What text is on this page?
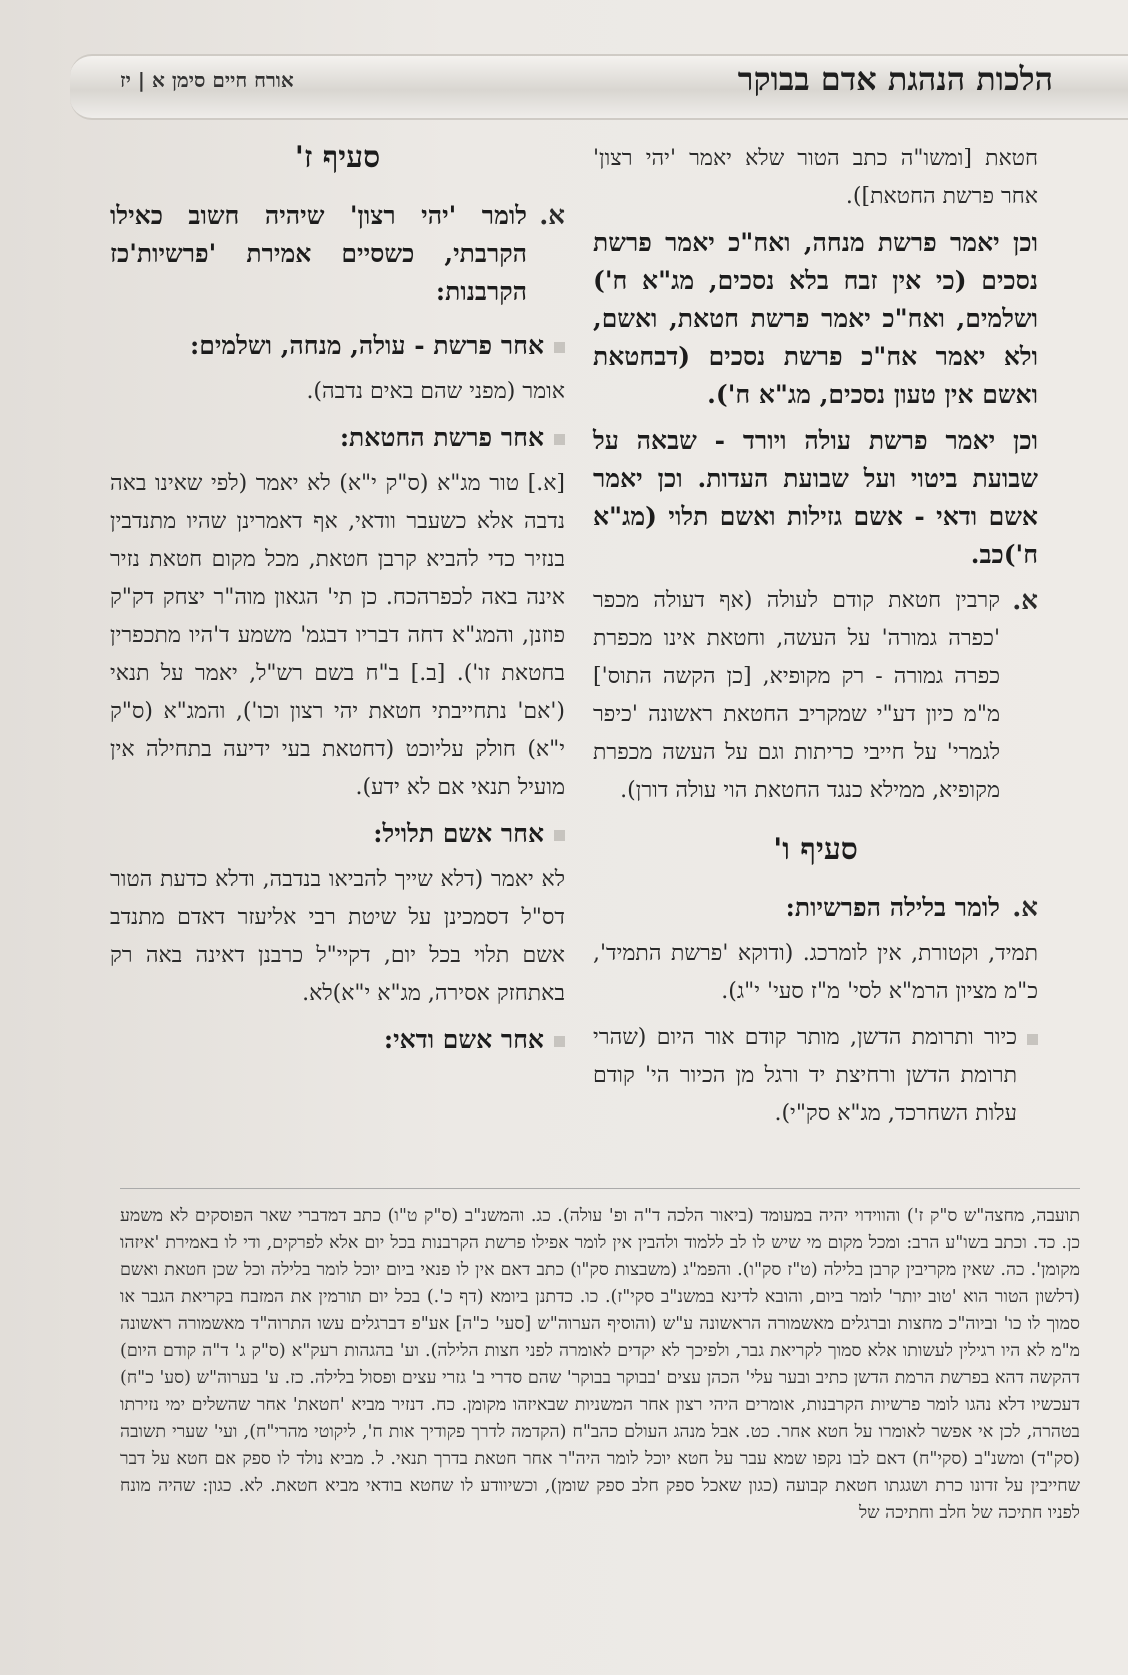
הלכות הנהגת אדם בבוקר
אורח חיים סימן א | יז

חטאת [ומשו"ה כתב הטור שלא יאמר 'יהי רצון' אחר פרשת החטאת]).

וכן יאמר פרשת מנחה, ואח"כ יאמר פרשת נסכים (כי אין זבח בלא נסכים, מג"א ח') ושלמים, ואח"כ יאמר פרשת חטאת, ואשם, ולא יאמר אח"כ פרשת נסכים (דבחטאת ואשם אין טעון נסכים, מג"א ח').

וכן יאמר פרשת עולה ויורד - שבאה על שבועת ביטוי ועל שבועת העדות. וכן יאמר אשם ודאי - אשם גזילות ואשם תלוי (מג"א ח')כב.

א.

קרבין חטאת קודם לעולה (אף דעולה מכפר 'כפרה גמורה' על העשה, וחטאת אינו מכפרת כפרה גמורה - רק מקופיא, [כן הקשה התוס'] מ"מ כיון דע"י שמקריב החטאת ראשונה 'כיפר לגמרי' על חייבי כריתות וגם על העשה מכפרת מקופיא, ממילא כנגד החטאת הוי עולה דורן).

סעיף ו'
א.

לומר בלילה הפרשיות:

תמיד, וקטורת, אין לומרכג. (ודוקא 'פרשת התמיד', כ"מ מציון הרמ"א לסי' מ"ז סעי' י"ג).

כיור ותרומת הדשן, מותר קודם אור היום (שהרי תרומת הדשן ורחיצת יד ורגל מן הכיור הי' קודם עלות השחרכד, מג"א סק"י).

סעיף ז'
א.

לומר 'יהי רצון' שיהיה חשוב כאילו הקרבתי, כשסיים אמירת 'פרשיות'כז הקרבנות:

אחר פרשת - עולה, מנחה, ושלמים:

אומר (מפני שהם באים נדבה).

אחר פרשת החטאת:

[א.] טור מג"א (ס"ק י"א) לא יאמר (לפי שאינו באה נדבה אלא כשעבר וודאי, אף דאמרינן שהיו מתנדבין בנזיר כדי להביא קרבן חטאת, מכל מקום חטאת נזיר אינה באה לכפרהכח. כן תי' הגאון מוה"ר יצחק דק"ק פוזנן, והמג"א דחה דבריו דבגמ' משמע ד'היו מתכפרין בחטאת זו'). [ב.] ב"ח בשם רש"ל, יאמר על תנאי ('אם' נתחייבתי חטאת יהי רצון וכו'), והמג"א (ס"ק י"א) חולק עליוכט (דחטאת בעי ידיעה בתחילה אין מועיל תנאי אם לא ידע).

אחר אשם תלויל:

לא יאמר (דלא שייך להביאו בנדבה, ודלא כדעת הטור דס"ל דסמכינן על שיטת רבי אליעזר דאדם מתנדב אשם תלוי בכל יום, דקיי"ל כרבנן דאינה באה רק באתחזק אסירה, מג"א י"א)לא.

אחר אשם ודאי:

תועבה, מחצה"ש ס"ק ז') והווידוי יהיה במעומד (ביאור הלכה ד"ה ופ' עולה). כג. והמשנ"ב (ס"ק ט"ו) כתב דמדברי שאר הפוסקים לא משמע כן. כד. וכתב בשו"ע הרב: ומכל מקום מי שיש לו לב ללמוד ולהבין אין לומר אפילו פרשת הקרבנות בכל יום אלא לפרקים, ודי לו באמירת 'איזהו מקומן'. כה. שאין מקריבין קרבן בלילה (ט"ז סק"ו). והפמ"ג (משבצות סק"ו) כתב דאם אין לו פנאי ביום יוכל לומר בלילה וכל שכן חטאת ואשם (דלשון הטור הוא 'טוב יותר' לומר ביום, והובא לדינא במשנ"ב סקי"ז). כו. כדתנן ביומא (דף כ'.) בכל יום תורמין את המזבח בקריאת הגבר או סמוך לו כו' וביוה"כ מחצות וברגלים מאשמורה הראשונה ע"ש (והוסיף הערוה"ש [סעי' כ"ה] אע"פ דברגלים עשו התרוה"ד מאשמורה ראשונה מ"מ לא היו רגילין לעשותו אלא סמוך לקריאת גבר, ולפיכך לא יקדים לאומרה לפני חצות הלילה). וע' בהגהות רעק"א (ס"ק ג' ד"ה קודם היום) דהקשה דהא בפרשת הרמת הדשן כתיב ובער עלי' הכהן עצים 'בבוקר בבוקר' שהם סדרי ב' גזרי עצים ופסול בלילה. כז. ע' בערוה"ש (סע' כ"ח) דעכשיו דלא נהגו לומר פרשיות הקרבנות, אומרים היהי רצון אחר המשניות שבאיזהו מקומן. כח. דנזיר מביא 'חטאת' אחר שהשלים ימי נזירתו בטהרה, לכן אי אפשר לאומרו על חטא אחר. כט. אבל מנהג העולם כהב"ח (הקדמה לדרך פקודיך אות ח', ליקוטי מהרי"ח), ועי' שערי תשובה (סק"ד) ומשנ"ב (סקי"ח) דאם לבו נקפו שמא עבר על חטא יוכל לומר היה"ר אחר חטאת בדרך תנאי. ל. מביא נולד לו ספק אם חטא על דבר שחייבין על זדונו כרת ושגגתו חטאת קבועה (כגון שאכל ספק חלב ספק שומן), וכשיוודע לו שחטא בודאי מביא חטאת. לא. כגון: שהיה מונח לפניו חתיכה של חלב וחתיכה של
